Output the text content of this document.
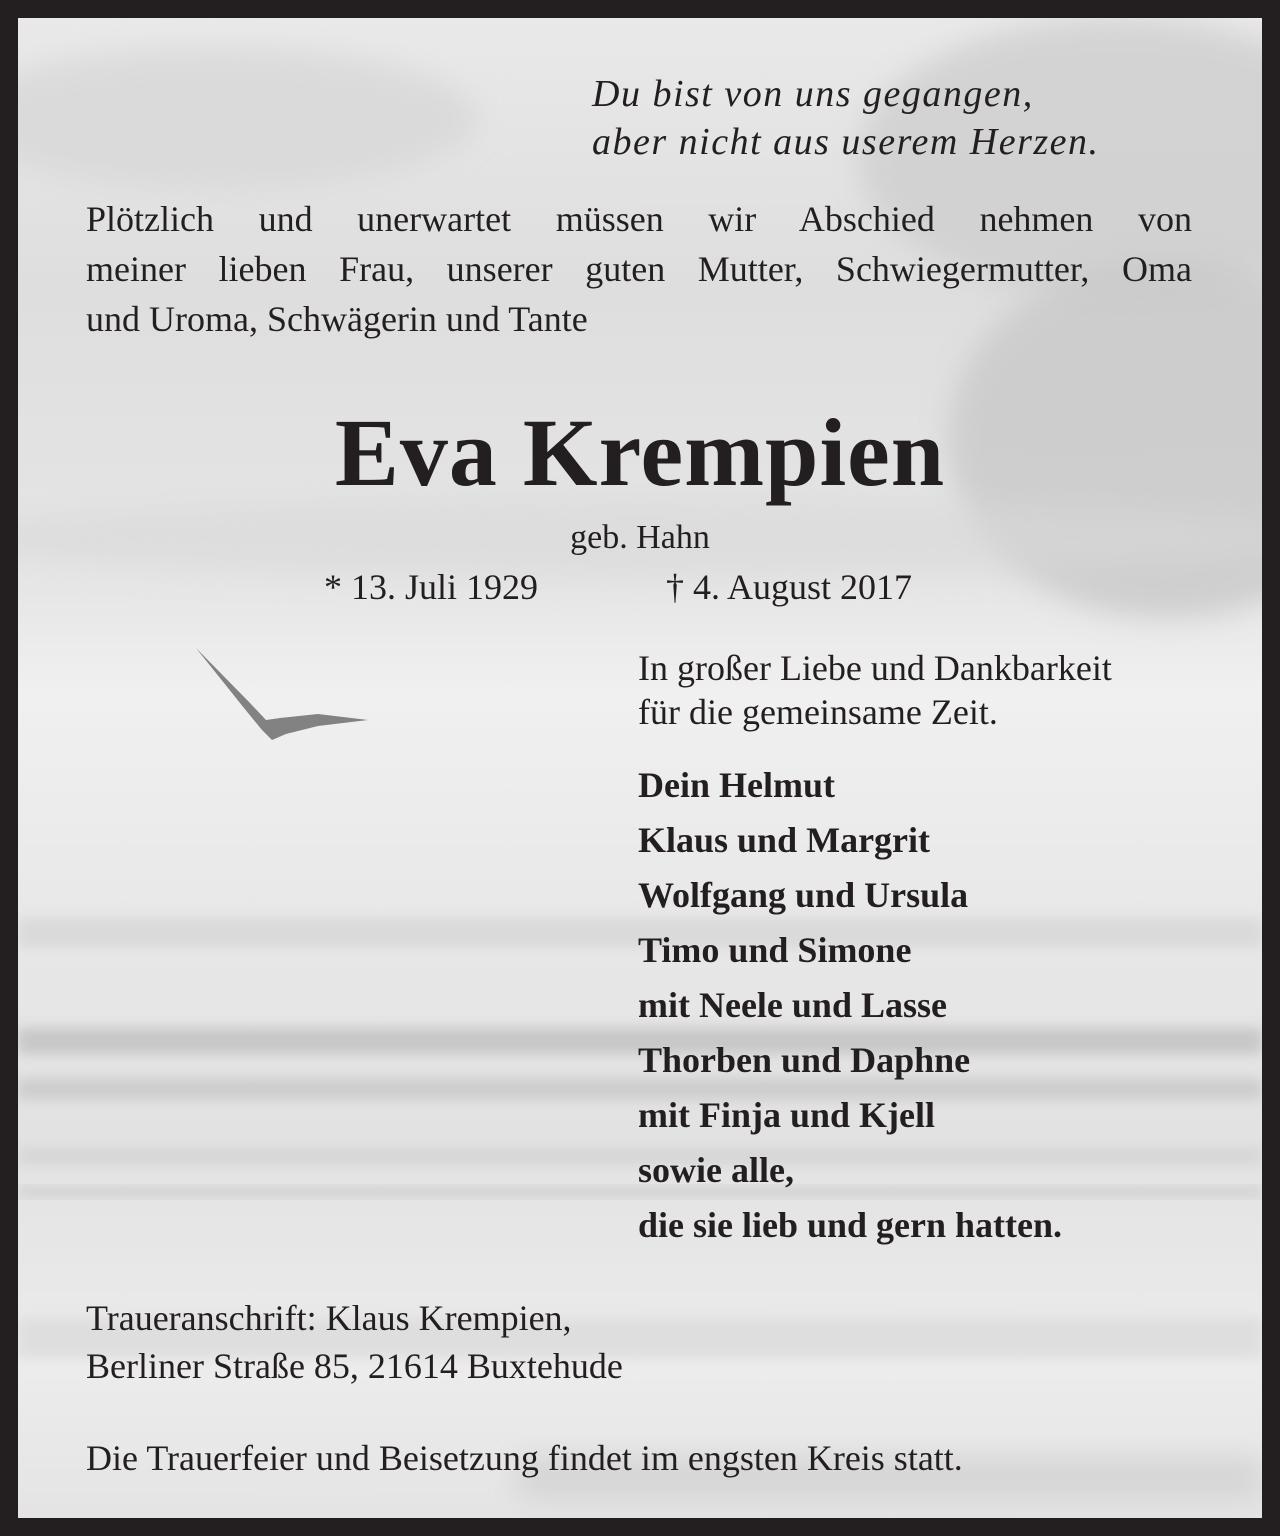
Du bist von uns gegangen,
aber nicht aus userem Herzen.
Plötzlich und unerwartet müssen wir Abschied nehmen von
meiner lieben Frau, unserer guten Mutter, Schwiegermutter, Oma
und Uroma, Schwägerin und Tante
Eva Krempien
geb. Hahn
* 13. Juli 1929	† 4. August 2017
In großer Liebe und Dankbarkeit
für die gemeinsame Zeit.
Dein Helmut
Klaus und Margrit
Wolfgang und Ursula
Timo und Simone
mit Neele und Lasse
Thorben und Daphne
mit Finja und Kjell
sowie alle,
die sie lieb und gern hatten.
Traueranschrift: Klaus Krempien,
Berliner Straße 85, 21614 Buxtehude
Die Trauerfeier und Beisetzung findet im engsten Kreis statt.
